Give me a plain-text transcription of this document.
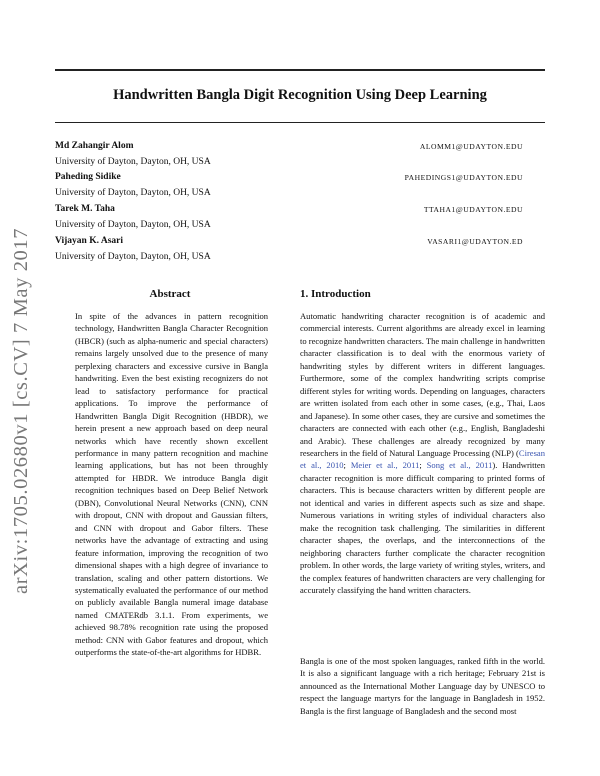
Handwritten Bangla Digit Recognition Using Deep Learning
arXiv:1705.02680v1 [cs.CV] 7 May 2017
Md Zahangir Alom
University of Dayton, Dayton, OH, USA
ALOMM1@UDAYTON.EDU
Paheding Sidike
University of Dayton, Dayton, OH, USA
PAHEDINGS1@UDAYTON.EDU
Tarek M. Taha
University of Dayton, Dayton, OH, USA
TTAHA1@UDAYTON.EDU
Vijayan K. Asari
University of Dayton, Dayton, OH, USA
VASARI1@UDAYTON.ED
Abstract

In spite of the advances in pattern recognition technology, Handwritten Bangla Character Recognition (HBCR) (such as alpha-numeric and special characters) remains largely unsolved due to the presence of many perplexing characters and excessive cursive in Bangla handwriting. Even the best existing recognizers do not lead to satisfactory performance for practical applications. To improve the performance of Handwritten Bangla Digit Recognition (HBDR), we herein present a new approach based on deep neural networks which have recently shown excellent performance in many pattern recognition and machine learning applications, but has not been throughly attempted for HBDR. We introduce Bangla digit recognition techniques based on Deep Belief Network (DBN), Convolutional Neural Networks (CNN), CNN with dropout, CNN with dropout and Gaussian filters, and CNN with dropout and Gabor filters. These networks have the advantage of extracting and using feature information, improving the recognition of two dimensional shapes with a high degree of invariance to translation, scaling and other pattern distortions. We systematically evaluated the performance of our method on publicly available Bangla numeral image database named CMATERdb 3.1.1. From experiments, we achieved 98.78% recognition rate using the proposed method: CNN with Gabor features and dropout, which outperforms the state-of-the-art algorithms for HDBR.

1. Introduction

Automatic handwriting character recognition is of academic and commercial interests. Current algorithms are already excel in learning to recognize handwritten characters. The main challenge in handwritten character classification is to deal with the enormous variety of handwriting styles by different writers in different languages. Furthermore, some of the complex handwriting scripts comprise different styles for writing words. Depending on languages, characters are written isolated from each other in some cases, (e.g., Thai, Laos and Japanese). In some other cases, they are cursive and sometimes the characters are connected with each other (e.g., English, Bangladeshi and Arabic). These challenges are already recognized by many researchers in the field of Natural Language Processing (NLP) (Ciresan et al., 2010; Meier et al., 2011; Song et al., 2011). Handwritten character recognition is more difficult comparing to printed forms of characters. This is because characters written by different people are not identical and varies in different aspects such as size and shape. Numerous variations in writing styles of individual characters also make the recognition task challenging. The similarities in different character shapes, the overlaps, and the interconnections of the neighboring characters further complicate the character recognition problem. In other words, the large variety of writing styles, writers, and the complex features of handwritten characters are very challenging for accurately classifying the hand written characters.

Bangla is one of the most spoken languages, ranked fifth in the world. It is also a significant language with a rich heritage; February 21st is announced as the International Mother Language day by UNESCO to respect the language martyrs for the language in Bangladesh in 1952. Bangla is the first language of Bangladesh and the second most
